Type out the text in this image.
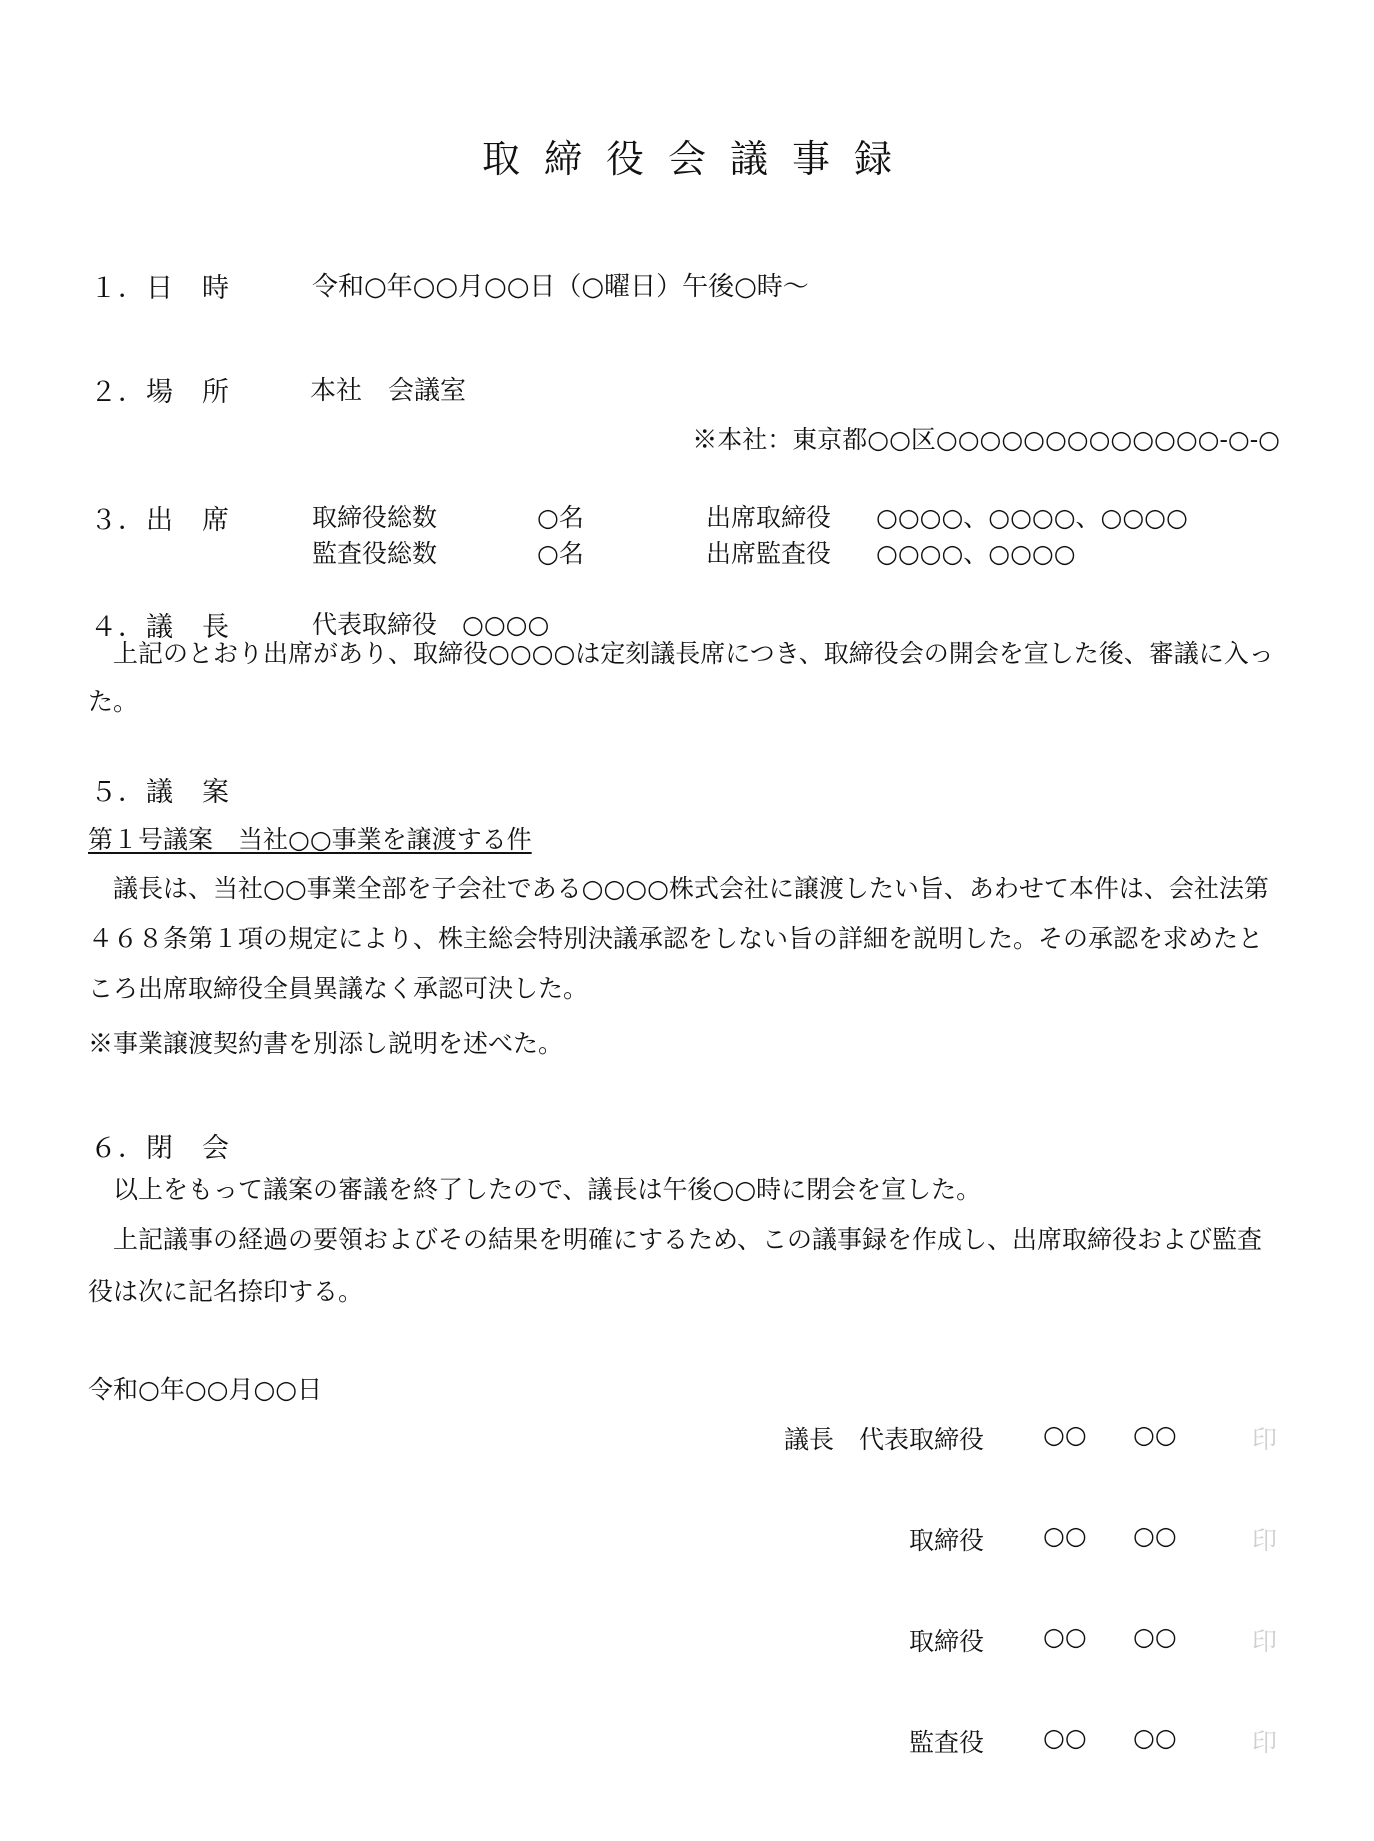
取締役会議事録
１．日　時	令和○年○○月○○日（○曜日）午後○時～
２．場　所	本社　会議室
※本社：東京都○○区○○○○○○○○○○○○○-○-○
３．出　席	取締役総数	○名	出席取締役 ○○○○、○○○○、○○○○
監査役総数	○名	出席監査役 ○○○○、○○○○
４．議　長	代表取締役　○○○○
上記のとおり出席があり、取締役○○○○は定刻議長席につき、取締役会の開会を宣した後、審議に入った。
５．議　案
第１号議案　当社○○事業を譲渡する件
議長は、当社○○事業全部を子会社である○○○○株式会社に譲渡したい旨、あわせて本件は、会社法第４６８条第１項の規定により、株主総会特別決議承認をしない旨の詳細を説明した。その承認を求めたところ出席取締役全員異議なく承認可決した。
※事業譲渡契約書を別添し説明を述べた。
６．閉　会
以上をもって議案の審議を終了したので、議長は午後○○時に閉会を宣した。
上記議事の経過の要領およびその結果を明確にするため、この議事録を作成し、出席取締役および監査役は次に記名捺印する。
令和○年○○月○○日
議長　代表取締役 ○○ ○○	印
取締役 ○○ ○○	印
取締役 ○○ ○○	印
監査役 ○○ ○○	印
